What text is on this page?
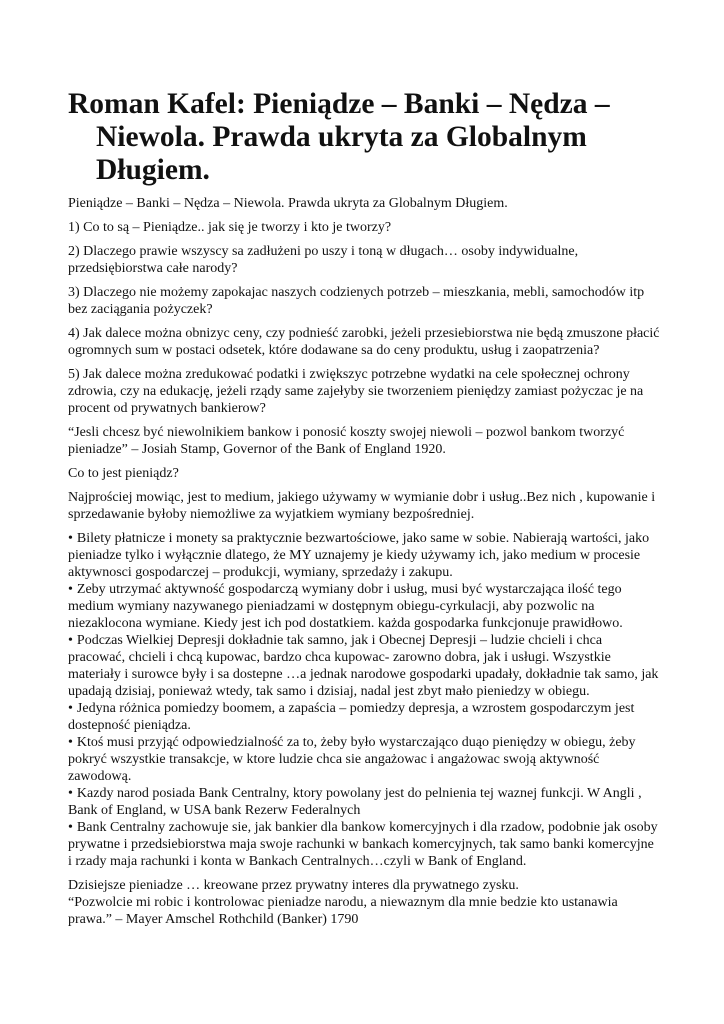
Roman Kafel: Pieniądze – Banki – Nędza – Niewola. Prawda ukryta za Globalnym Długiem.

Pieniądze – Banki – Nędza – Niewola. Prawda ukryta za Globalnym Długiem.

1) Co to są – Pieniądze.. jak się je tworzy i kto je tworzy?

2) Dlaczego prawie wszyscy sa zadłużeni po uszy i toną w długach… osoby indywidualne, przedsiębiorstwa całe narody?

3) Dlaczego nie możemy zapokajac naszych codzienych potrzeb – mieszkania, mebli, samochodów itp bez zaciągania pożyczek?

4) Jak dalece można obnizyc ceny, czy podnieść zarobki, jeżeli przesiebiorstwa nie będą zmuszone płacić ogromnych sum w postaci odsetek, które dodawane sa do ceny produktu, usług i zaopatrzenia?

5) Jak dalece można zredukować podatki i zwiększyc potrzebne wydatki na cele społecznej ochrony zdrowia, czy na edukację, jeżeli rządy same zajełyby sie tworzeniem pieniędzy zamiast pożyczac je na procent od prywatnych bankierow?

“Jesli chcesz być niewolnikiem bankow i ponosić koszty swojej niewoli – pozwol bankom tworzyć pieniadze” – Josiah Stamp, Governor of the Bank of England 1920.

Co to jest pieniądz?

Najprościej mowiąc, jest to medium, jakiego używamy w wymianie dobr i usług..Bez nich , kupowanie i sprzedawanie byłoby niemożliwe za wyjatkiem wymiany bezpośredniej.

• Bilety płatnicze i monety sa praktycznie bezwartościowe, jako same w sobie. Nabierają wartości, jako pieniadze tylko i wyłącznie dlatego, że MY uznajemy je kiedy używamy ich, jako medium w procesie aktywnosci gospodarczej – produkcji, wymiany, sprzedaży i zakupu.
• Zeby utrzymać aktywność gospodarczą wymiany dobr i usług, musi być wystarczająca ilość tego medium wymiany nazywanego pieniadzami w dostępnym obiegu-cyrkulacji, aby pozwolic na niezaklocona wymiane. Kiedy jest ich pod dostatkiem. każda gospodarka funkcjonuje prawidłowo.
• Podczas Wielkiej Depresji dokładnie tak samno, jak i Obecnej Depresji – ludzie chcieli i chca pracować, chcieli i chcą kupowac, bardzo chca kupowac- zarowno dobra, jak i usługi. Wszystkie materiały i surowce były i sa dostepne …a jednak narodowe gospodarki upadały, dokładnie tak samo, jak upadają dzisiaj, ponieważ wtedy, tak samo i dzisiaj, nadal jest zbyt mało pieniedzy w obiegu.
• Jedyna różnica pomiedzy boomem, a zapaścia – pomiedzy depresja, a wzrostem gospodarczym jest dostepność pieniądza.
• Ktoś musi przyjąć odpowiedzialność za to, żeby było wystarczająco duąo pieniędzy w obiegu, żeby pokryć wszystkie transakcje, w ktore ludzie chca sie angażowac i angażowac swoją aktywność zawodową.
• Kazdy narod posiada Bank Centralny, ktory powolany jest do pelnienia tej waznej funkcji. W Angli , Bank of England, w USA bank Rezerw Federalnych
• Bank Centralny zachowuje sie, jak bankier dla bankow komercyjnych i dla rzadow, podobnie jak osoby prywatne i przedsiebiorstwa maja swoje rachunki w bankach komercyjnych, tak samo banki komercyjne i rzady maja rachunki i konta w Bankach Centralnych…czyli w Bank of England.

Dzisiejsze pieniadze … kreowane przez prywatny interes dla prywatnego zysku.

“Pozwolcie mi robic i kontrolowac pieniadze narodu, a niewaznym dla mnie bedzie kto ustanawia prawa.” – Mayer Amschel Rothchild (Banker) 1790
